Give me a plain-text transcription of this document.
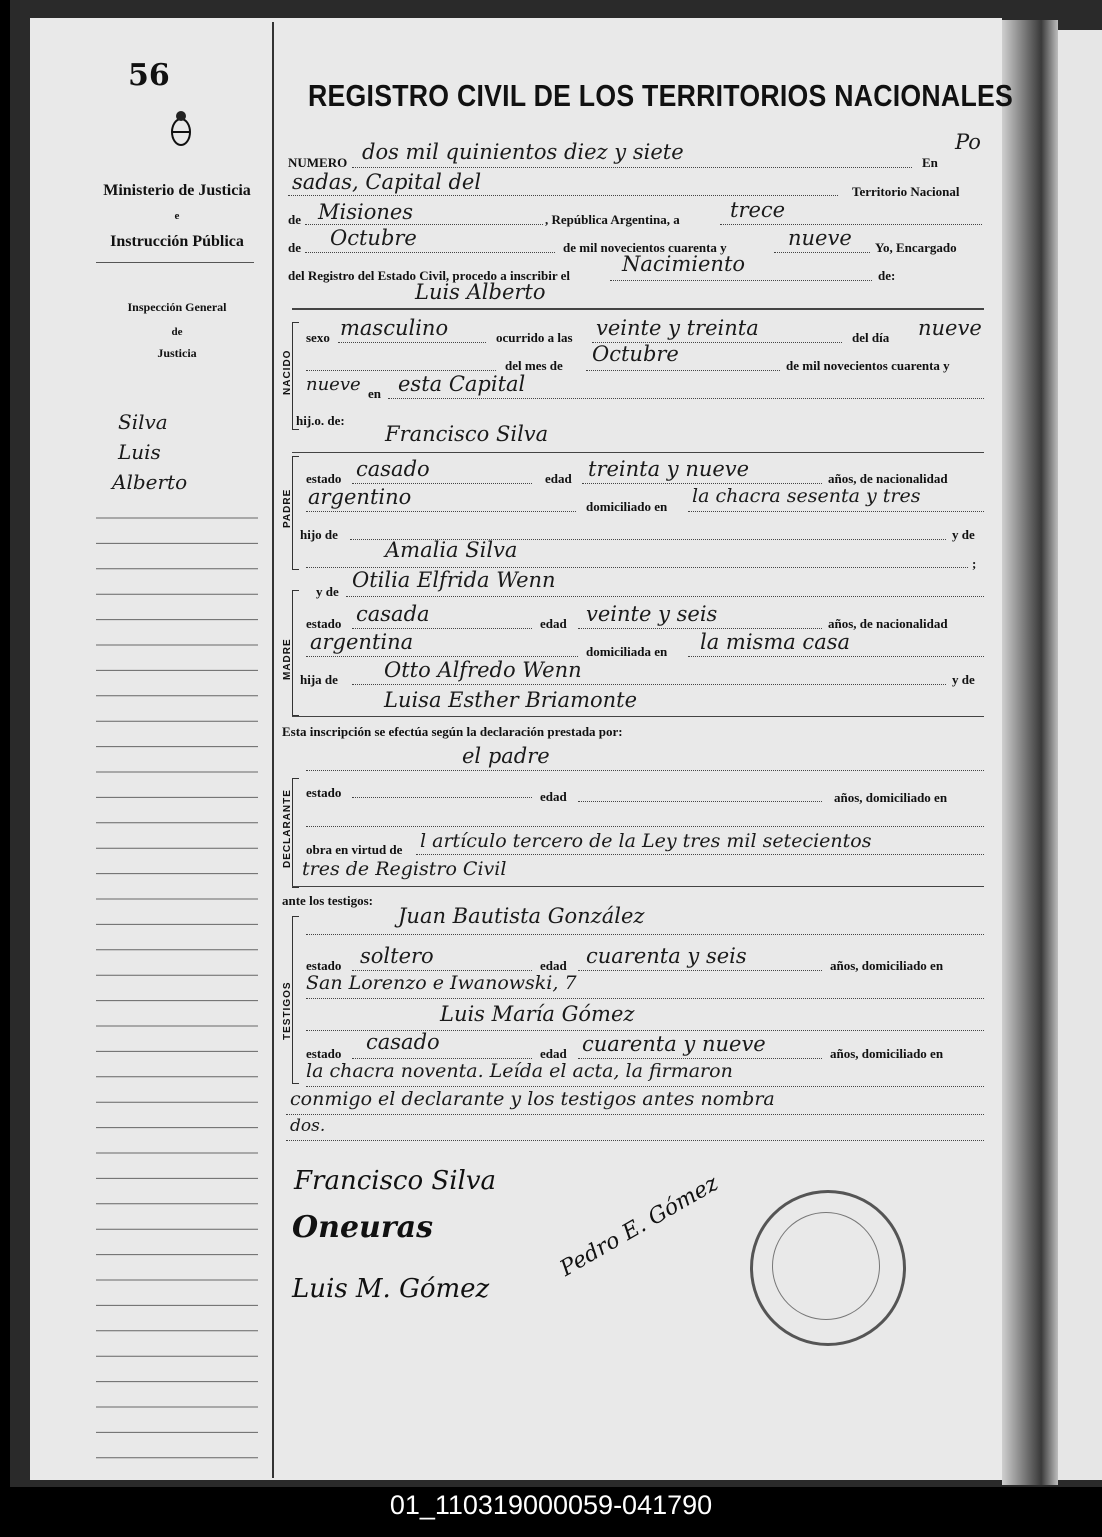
56
Ministerio de Justicia
e
Instrucción Pública
Inspección General
de
Justicia
Silva
Luis
Alberto
REGISTRO CIVIL DE LOS TERRITORIOS NACIONALES
NUMERO dos mil quinientos diez y siete	En
Po
sadas, Capital del	Territorio Nacional
de Misiones	, República Argentina, a trece
de Octubre	de mil novecientos cuarenta y	nueve Yo, Encargado
del Registro del Estado Civil, procedo a inscribir el Nacimiento	de:
Luis Alberto
NACIDO
sexo masculino	ocurrido a las veinte y treinta	del día nueve
del mes de Octubre	de mil novecientos cuarenta y
nueve en esta Capital
hij.o. de:
Francisco Silva
PADRE
estado casado	edad treinta y nueve	años, de nacionalidad
argentino	domiciliado en la chacra sesenta y tres
hijo de	y de
Amalia Silva
;
MADRE
y de Otilia Elfrida Wenn
estado casada	edad veinte y seis	años, de nacionalidad
argentina	domiciliada en la misma casa
hija de Otto Alfredo Wenn	y de
Luisa Esther Briamonte
Esta inscripción se efectúa según la declaración prestada por:
el padre
DECLARANTE estado	edad	años, domiciliado en
obra en virtud de l artículo tercero de la Ley tres mil setecientos
tres de Registro Civil
ante los testigos:
TESTIGOS
Juan Bautista González
estado soltero	edad cuarenta y seis	años, domiciliado en
San Lorenzo e Iwanowski, 7
Luis María Gómez
estado casado	edad cuarenta y nueve	años, domiciliado en
la chacra noventa. Leída el acta, la firmaron
conmigo el declarante y los testigos antes nombra
dos.
Francisco Silva
Oneuras
Luis M. Gómez
Pedro E. Gómez
01_110319000059-041790
